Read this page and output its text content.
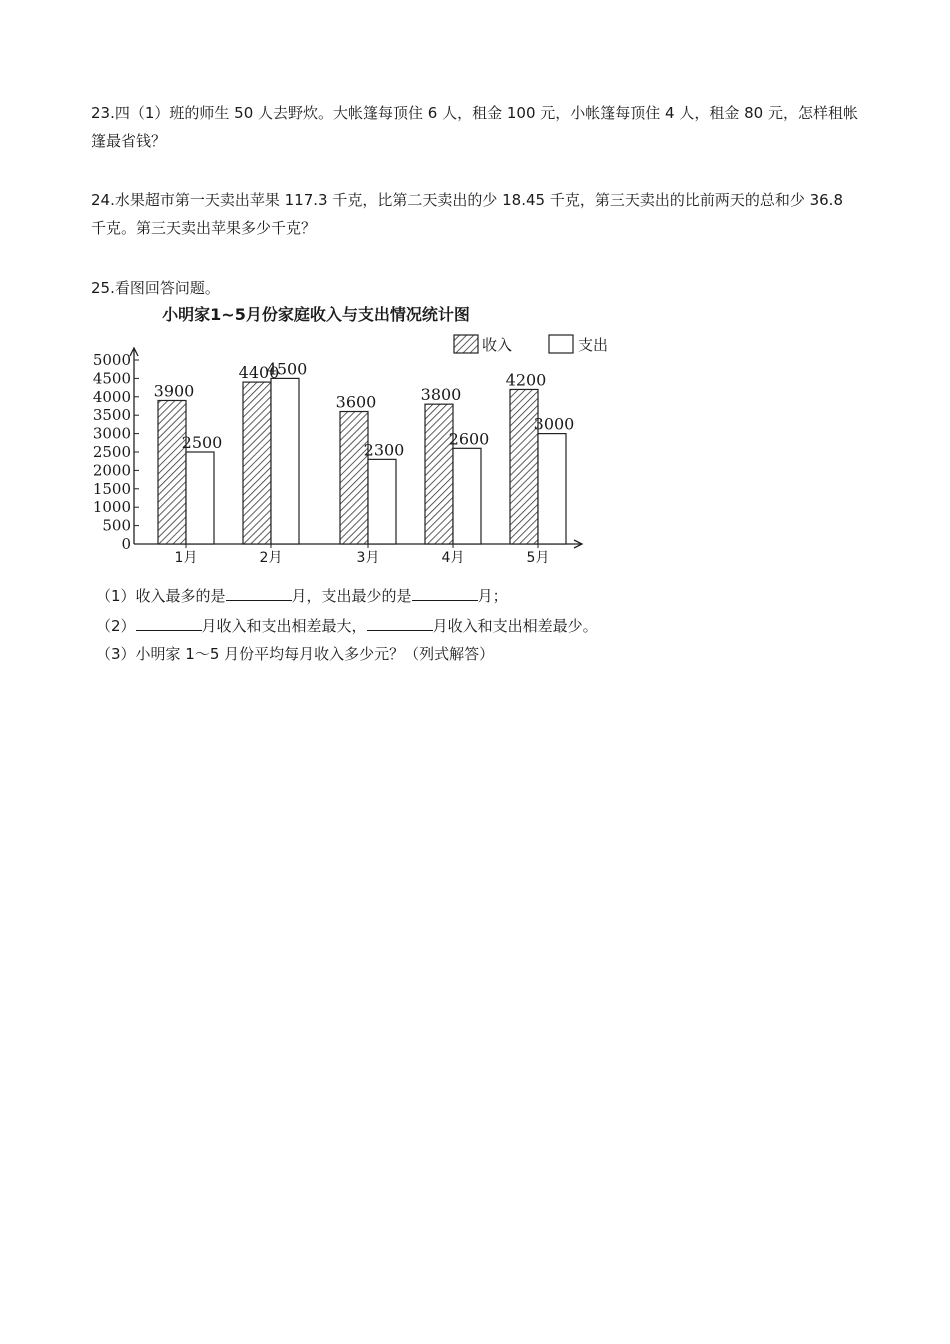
23.四（1）班的师生 50 人去野炊。大帐篷每顶住 6 人，租金 100 元，小帐篷每顶住 4 人，租金 80 元，怎样租帐篷最省钱？
24.水果超市第一天卖出苹果 117.3 千克，比第二天卖出的少 18.45 千克，第三天卖出的比前两天的总和少 36.8 千克。第三天卖出苹果多少千克？
25.看图回答问题。
小明家1~5月份家庭收入与支出情况统计图
收入	支出
0
500
1000
1500
2000
2500
3000
3500
4000
4500
5000
3900
2500
1月
4400
4500
2月
3600
2300
3月
3800
2600
4月
4200
3000
5月
（1）收入最多的是	月，支出最少的是	月；
（2）	月收入和支出相差最大，	月收入和支出相差最少。
（3）小明家 1～5 月份平均每月收入多少元？（列式解答）
